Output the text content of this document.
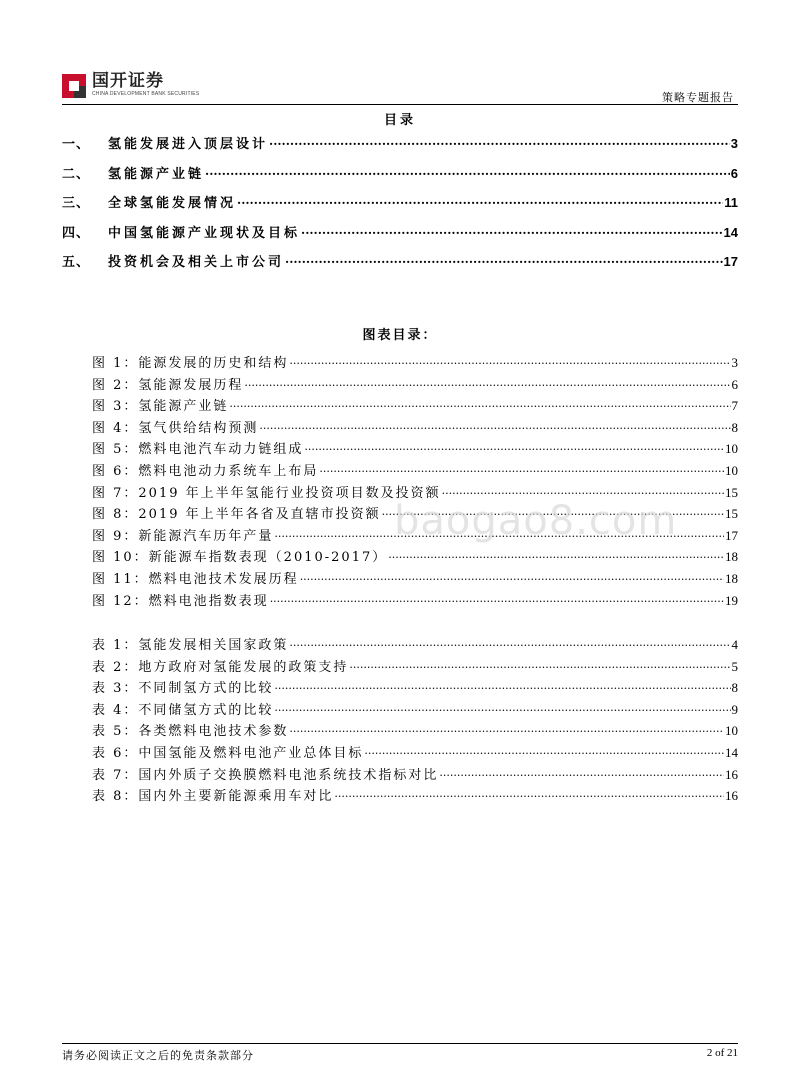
国开证券
CHINA DEVELOPMENT BANK SECURITIES	策略专题报告
目录
一、	氢能发展进入顶层设计 .....	3
二、	氢能源产业链 .....	6
三、	全球氢能发展情况 .....	11
四、	中国氢能源产业现状及目标 .....	14
五、	投资机会及相关上市公司 .....	17
图表目录：
图 1：能源发展的历史和结构 .....	3
图 2：氢能源发展历程 .....	6
图 3：氢能源产业链 .....	7
图 4：氢气供给结构预测 .....	8
图 5：燃料电池汽车动力链组成 .....	10
图 6：燃料电池动力系统车上布局 .....	10
图 7：2019 年上半年氢能行业投资项目数及投资额 .....	15
图 8：2019 年上半年各省及直辖市投资额 .....	15
图 9：新能源汽车历年产量 .....	17
图 10：新能源车指数表现（2010-2017） .....	18
图 11：燃料电池技术发展历程 .....	18
图 12：燃料电池指数表现 .....	19
表 1：氢能发展相关国家政策 .....	4
表 2：地方政府对氢能发展的政策支持 .....	5
表 3：不同制氢方式的比较 .....	8
表 4：不同储氢方式的比较 .....	9
表 5：各类燃料电池技术参数 .....	10
表 6：中国氢能及燃料电池产业总体目标 .....	14
表 7：国内外质子交换膜燃料电池系统技术指标对比 .....	16
表 8：国内外主要新能源乘用车对比 .....	16
baogao8.com
请务必阅读正文之后的免责条款部分	2 of 21
